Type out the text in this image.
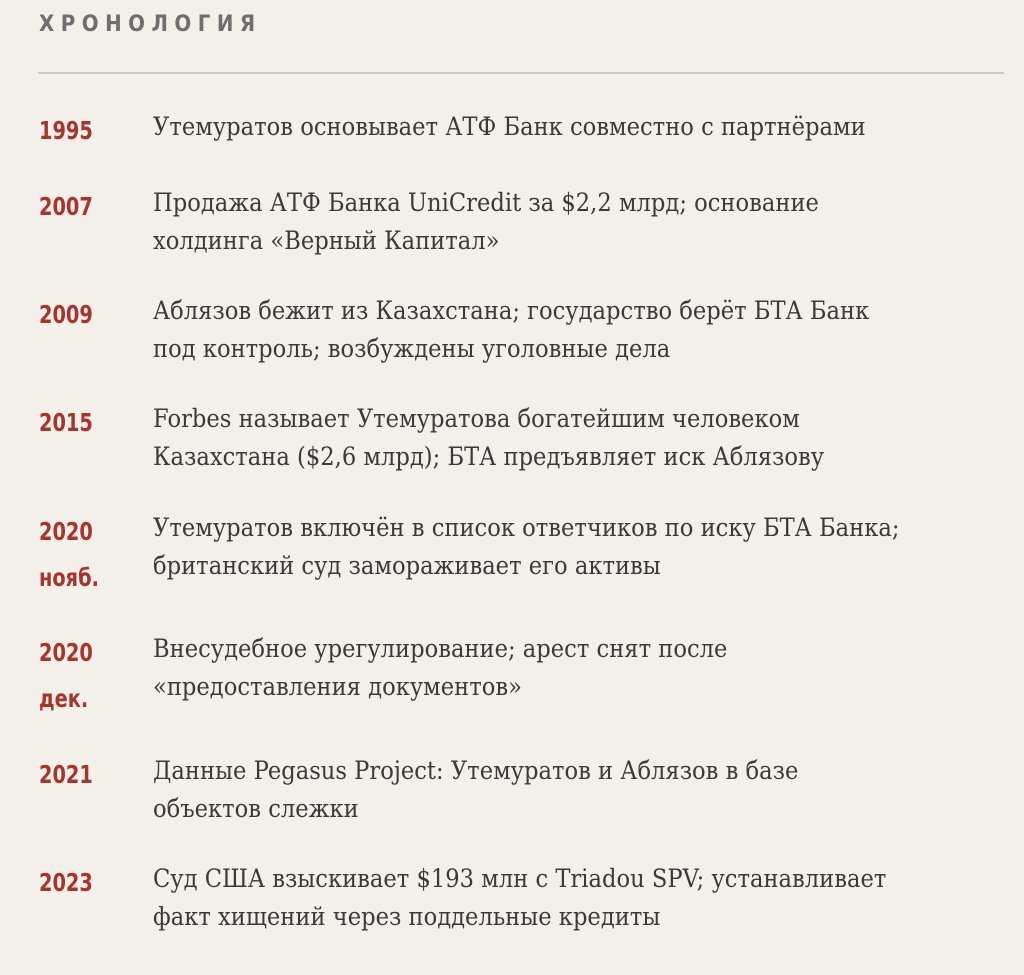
ХРОНОЛОГИЯ
1995 Утемуратов основывает АТФ Банк совместно с партнёрами
2007 Продажа АТФ Банка UniCredit за $2,2 млрд; основание холдинга «Верный Капитал»
2009 Аблязов бежит из Казахстана; государство берёт БТА Банк под контроль; возбуждены уголовные дела
2015 Forbes называет Утемуратова богатейшим человеком Казахстана ($2,6 млрд); БТА предъявляет иск Аблязову
2020
нояб.
Утемуратов включён в список ответчиков по иску БТА Банка; британский суд замораживает его активы
2020
дек.
Внесудебное урегулирование; арест снят после «предоставления документов»
2021 Данные Pegasus Project: Утемуратов и Аблязов в базе объектов слежки
2023 Суд США взыскивает $193 млн с Triadou SPV; устанавливает факт хищений через поддельные кредиты
